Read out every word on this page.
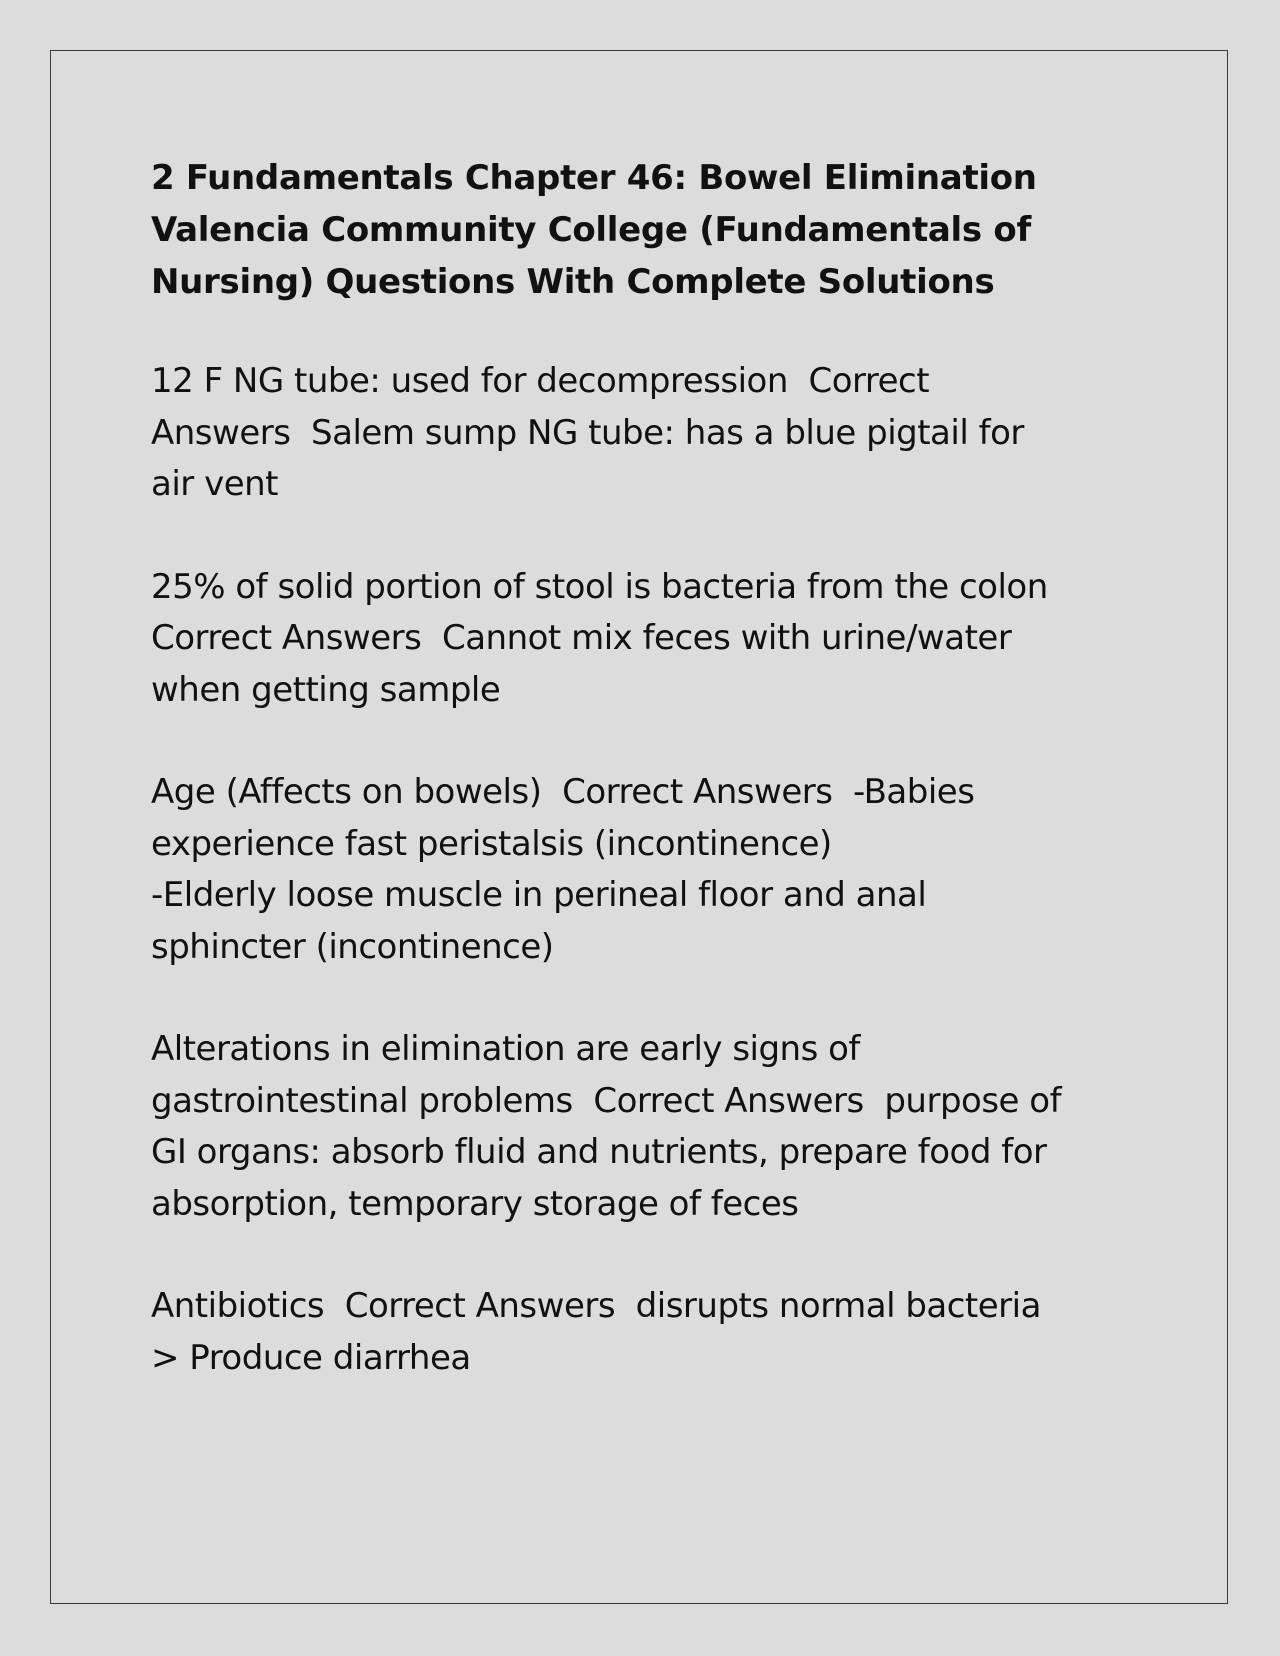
2 Fundamentals Chapter 46: Bowel Elimination
Valencia Community College (Fundamentals of
Nursing) Questions With Complete Solutions
12 F NG tube: used for decompression  Correct
Answers  Salem sump NG tube: has a blue pigtail for
air vent
25% of solid portion of stool is bacteria from the colon
Correct Answers  Cannot mix feces with urine/water
when getting sample
Age (Affects on bowels)  Correct Answers  -Babies
experience fast peristalsis (incontinence)
-Elderly loose muscle in perineal floor and anal
sphincter (incontinence)
Alterations in elimination are early signs of
gastrointestinal problems  Correct Answers  purpose of
GI organs: absorb fluid and nutrients, prepare food for
absorption, temporary storage of feces
Antibiotics  Correct Answers  disrupts normal bacteria
> Produce diarrhea
